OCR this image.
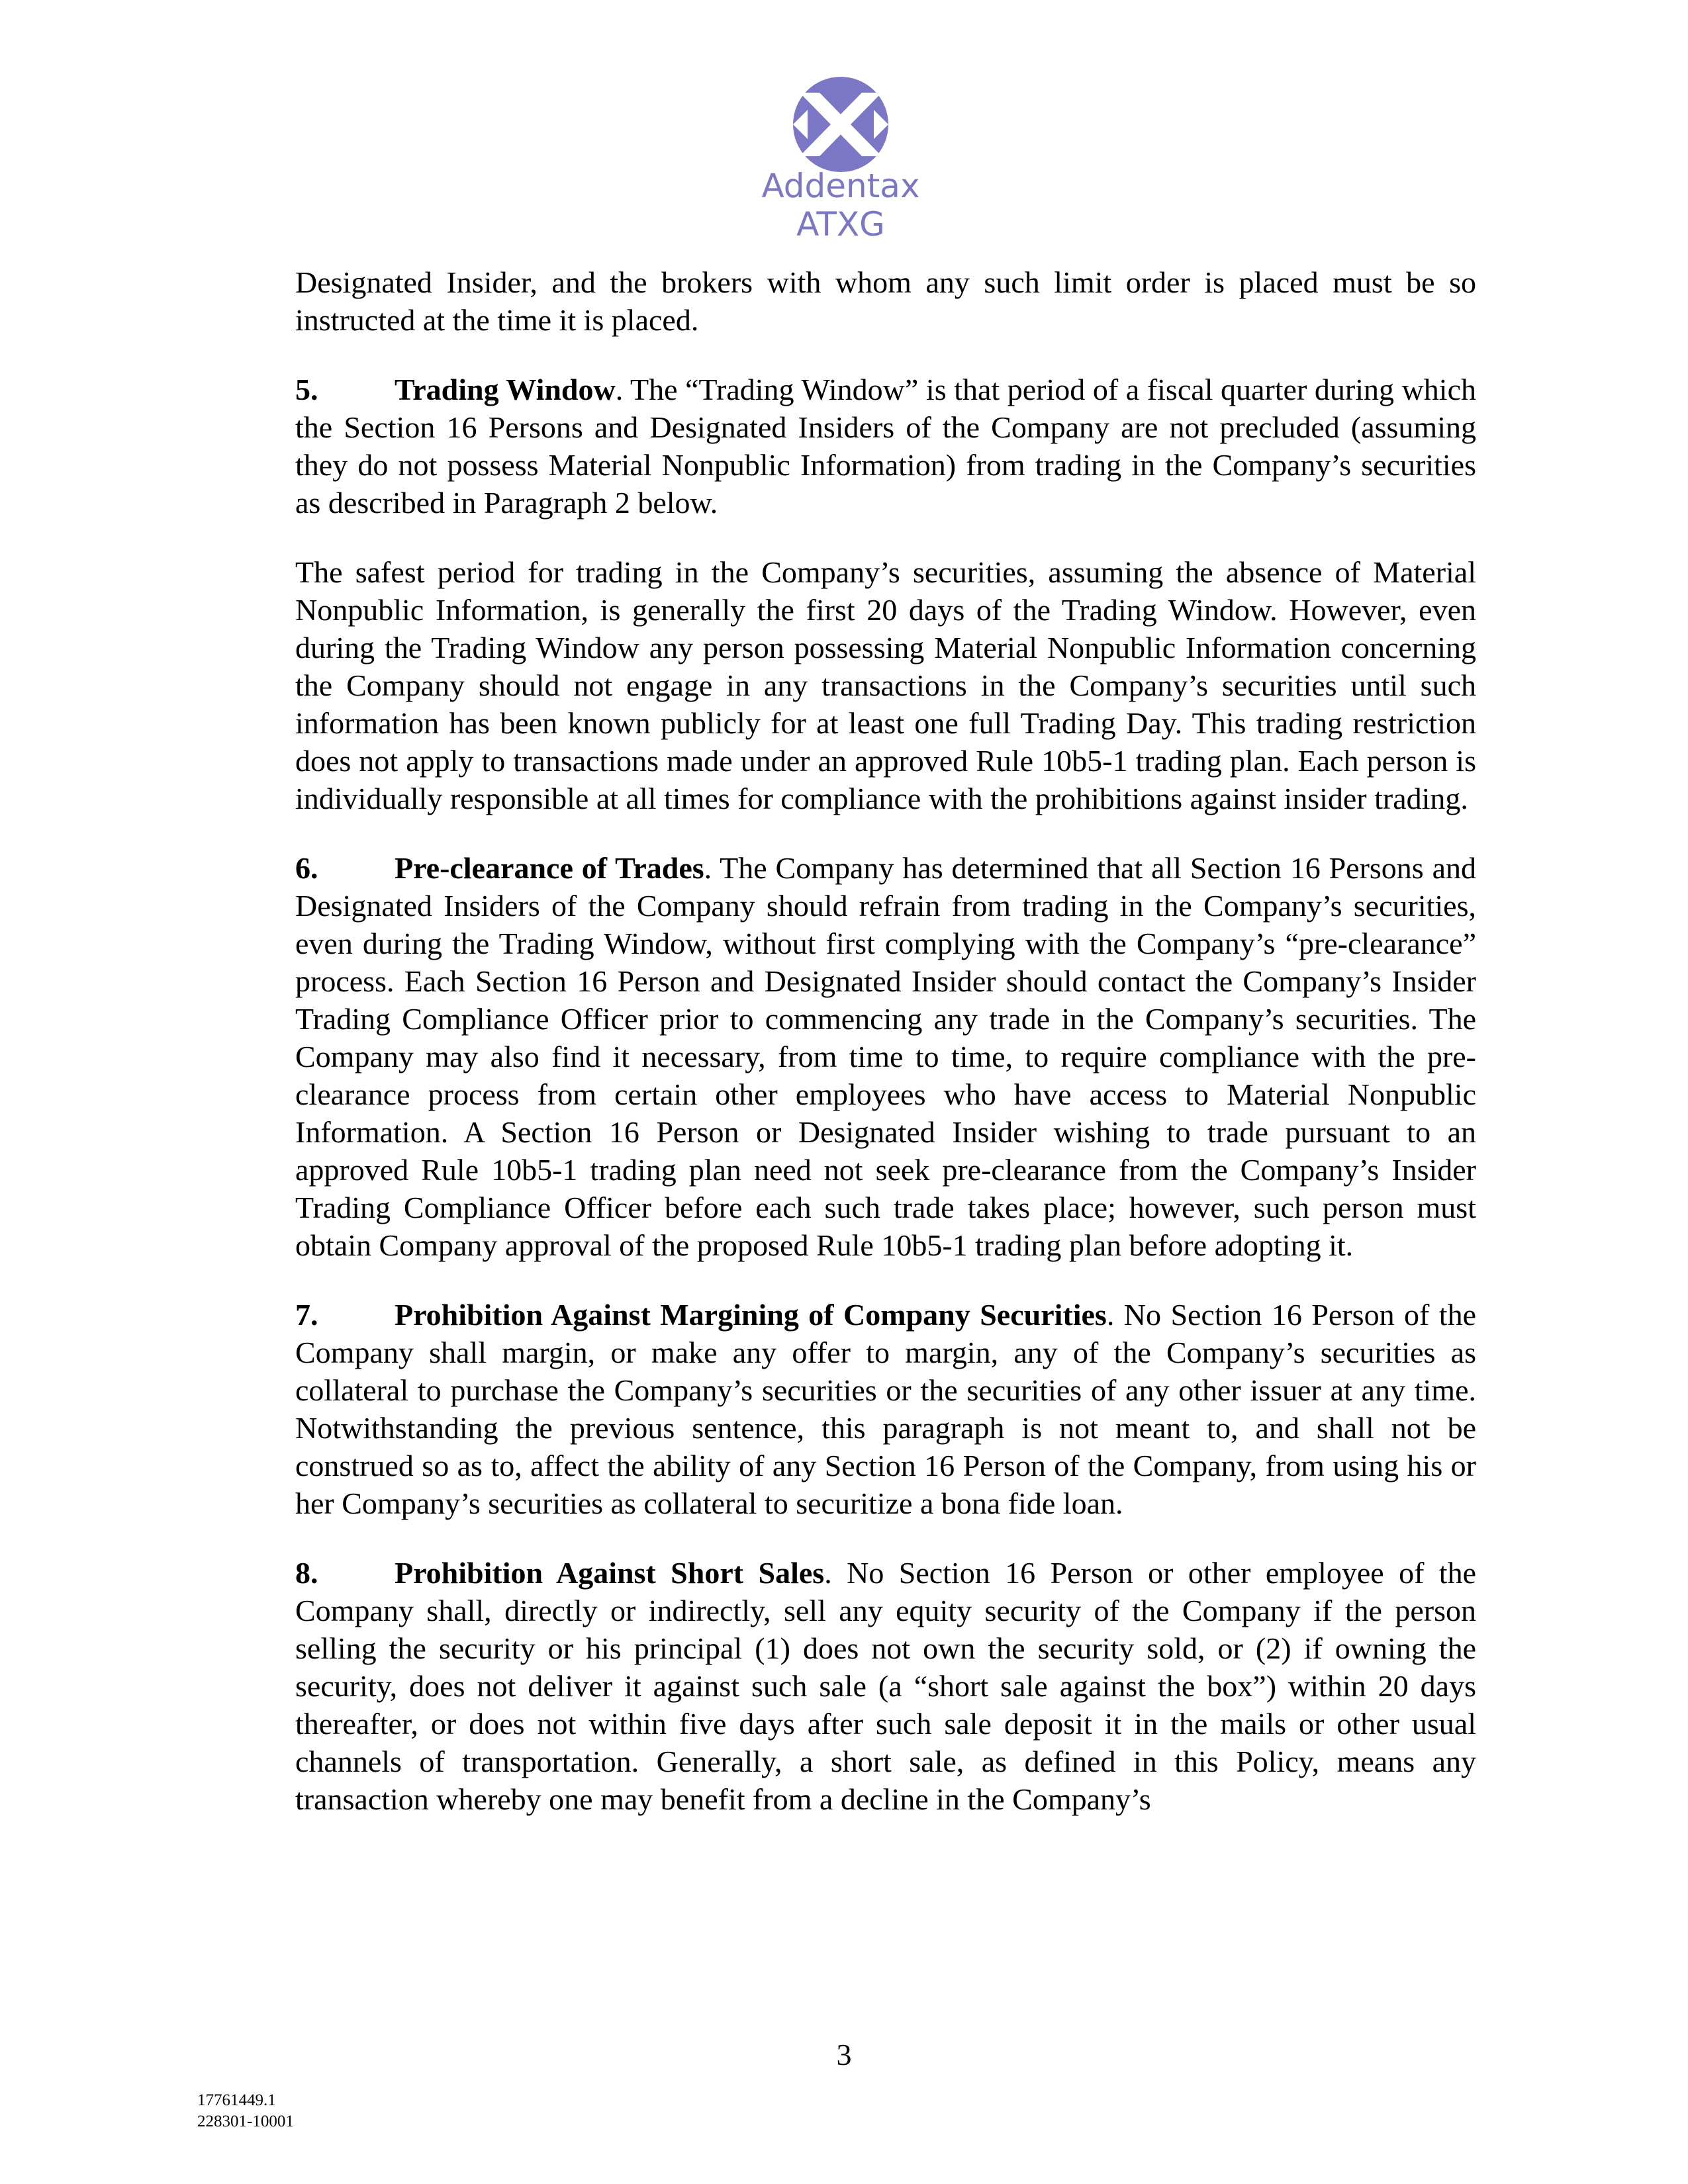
Addentax
ATXG

Designated Insider, and the brokers with whom any such limit order is placed must be so instructed at the time it is placed.

5.	Trading Window. The “Trading Window” is that period of a fiscal quarter during which the Section 16 Persons and Designated Insiders of the Company are not precluded (assuming they do not possess Material Nonpublic Information) from trading in the Company’s securities as described in Paragraph 2 below.

The safest period for trading in the Company’s securities, assuming the absence of Material Nonpublic Information, is generally the first 20 days of the Trading Window. However, even during the Trading Window any person possessing Material Nonpublic Information concerning the Company should not engage in any transactions in the Company’s securities until such information has been known publicly for at least one full Trading Day. This trading restriction does not apply to transactions made under an approved Rule 10b5-1 trading plan. Each person is individually responsible at all times for compliance with the prohibitions against insider trading.

6.	Pre-clearance of Trades. The Company has determined that all Section 16 Persons and Designated Insiders of the Company should refrain from trading in the Company’s securities, even during the Trading Window, without first complying with the Company’s “pre-clearance” process. Each Section 16 Person and Designated Insider should contact the Company’s Insider Trading Compliance Officer prior to commencing any trade in the Company’s securities. The Company may also find it necessary, from time to time, to require compliance with the pre-clearance process from certain other employees who have access to Material Nonpublic Information. A Section 16 Person or Designated Insider wishing to trade pursuant to an approved Rule 10b5-1 trading plan need not seek pre-clearance from the Company’s Insider Trading Compliance Officer before each such trade takes place; however, such person must obtain Company approval of the proposed Rule 10b5-1 trading plan before adopting it.

7.	Prohibition Against Margining of Company Securities. No Section 16 Person of the Company shall margin, or make any offer to margin, any of the Company’s securities as collateral to purchase the Company’s securities or the securities of any other issuer at any time. Notwithstanding the previous sentence, this paragraph is not meant to, and shall not be construed so as to, affect the ability of any Section 16 Person of the Company, from using his or her Company’s securities as collateral to securitize a bona fide loan.

8.	Prohibition Against Short Sales. No Section 16 Person or other employee of the Company shall, directly or indirectly, sell any equity security of the Company if the person selling the security or his principal (1) does not own the security sold, or (2) if owning the security, does not deliver it against such sale (a “short sale against the box”) within 20 days thereafter, or does not within five days after such sale deposit it in the mails or other usual channels of transportation. Generally, a short sale, as defined in this Policy, means any transaction whereby one may benefit from a decline in the Company’s

3
17761449.1
228301-10001
